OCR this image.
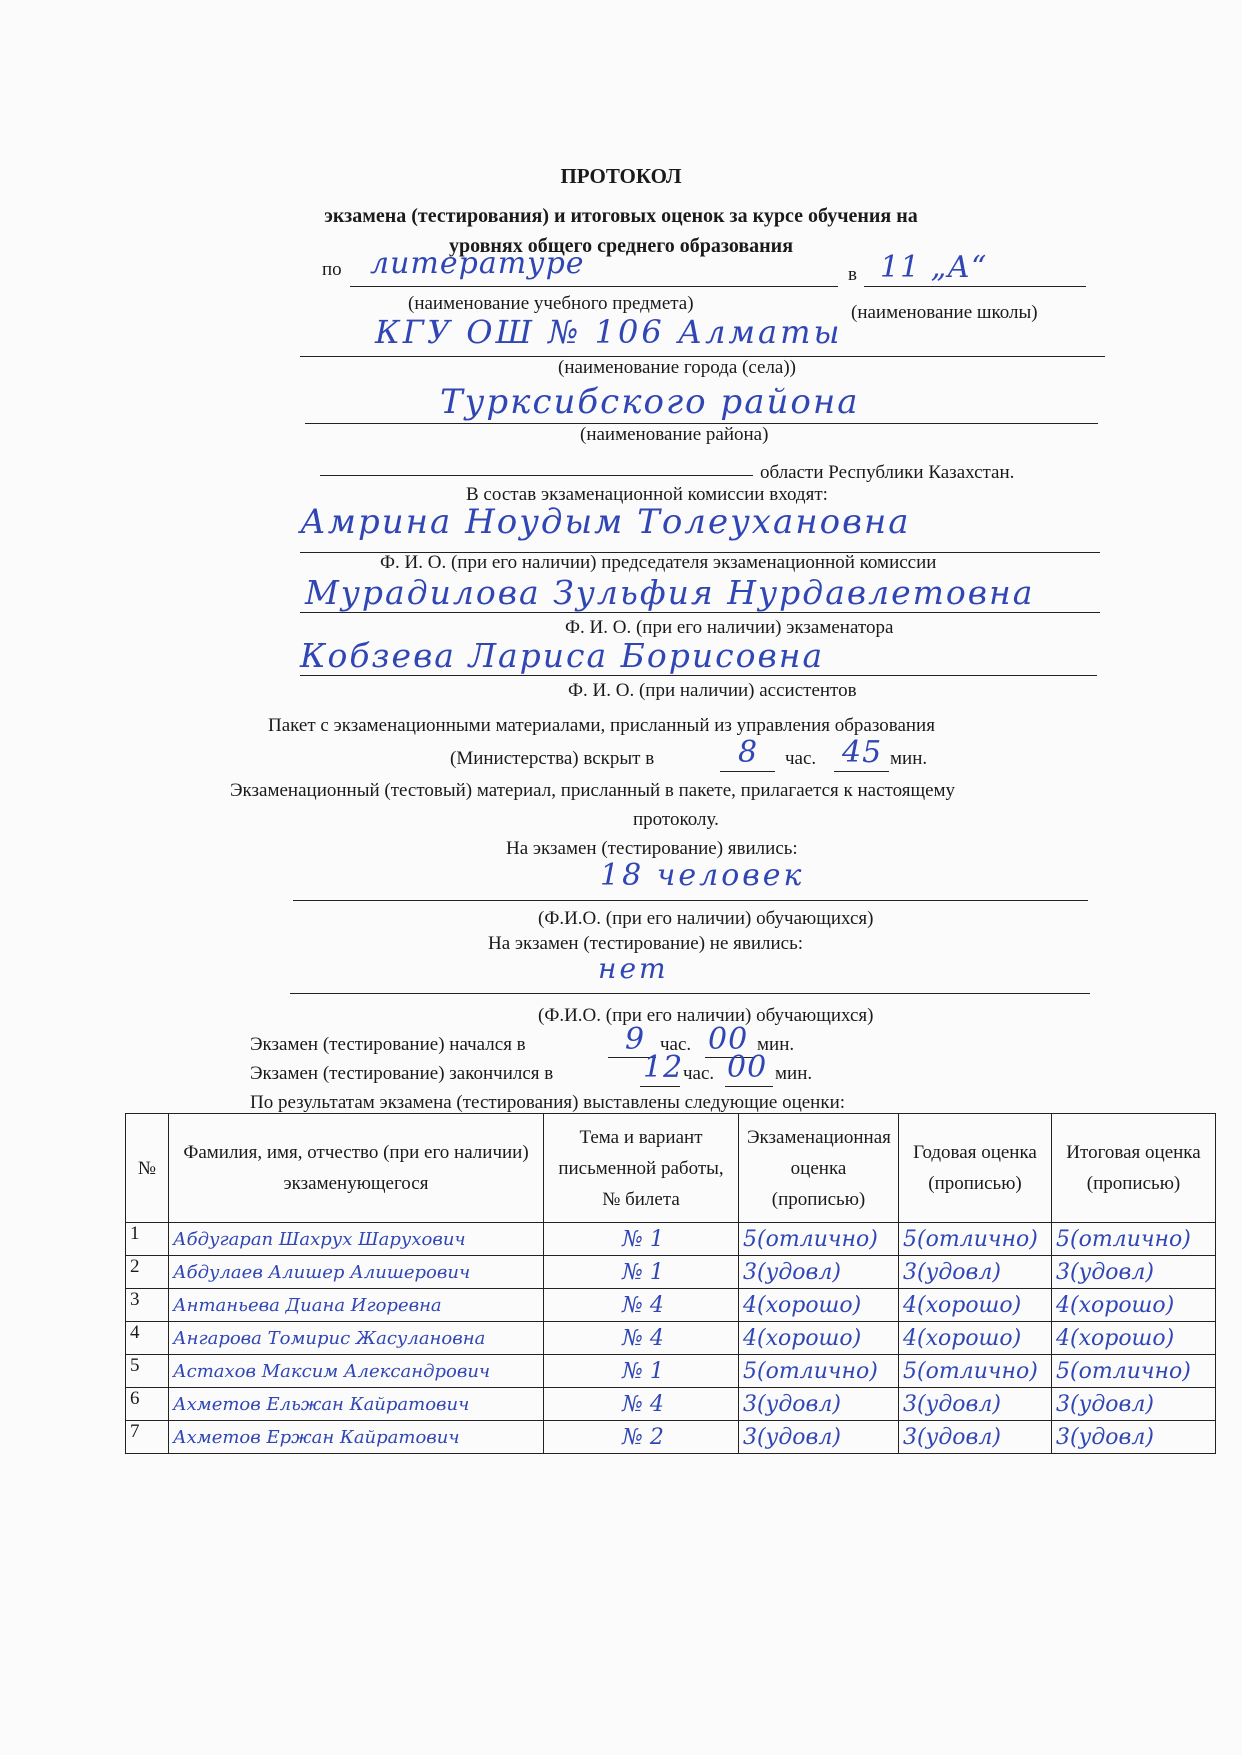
ПРОТОКОЛ
экзамена (тестирования) и итоговых оценок за курсе обучения на
уровнях общего среднего образования
по литературе	в 11 „А“
(наименование учебного предмета)	(наименование школы)
КГУ ОШ № 106 Алматы
(наименование города (села))
Турксибского района
(наименование района)
области Республики Казахстан.
В состав экзаменационной комиссии входят:
Амрина Ноудым Толеухановна
Ф. И. О. (при его наличии) председателя экзаменационной комиссии
Мурадилова Зульфия Нурдавлетовна
Ф. И. О. (при его наличии) экзаменатора
Кобзева Лариса Борисовна
Ф. И. О. (при наличии) ассистентов
Пакет с экзаменационными материалами, присланный из управления образования
(Министерства) вскрыт в	8 час. 45 мин.
Экзаменационный (тестовый) материал, присланный в пакете, прилагается к настоящему
протоколу.
На экзамен (тестирование) явились:
18 человек
(Ф.И.О. (при его наличии) обучающихся)
На экзамен (тестирование) не явились:
нет
(Ф.И.О. (при его наличии) обучающихся)
Экзамен (тестирование) начался в	9 час. 00 мин.
Экзамен (тестирование) закончился в	12 час. 00 мин.
По результатам экзамена (тестирования) выставлены следующие оценки:
№	Фамилия, имя, отчество (при его наличии) экзаменующегося	Тема и вариант письменной работы, № билета	Экзаменационная оценка (прописью)	Годовая оценка (прописью)	Итоговая оценка (прописью)
1	Абдугарап Шахрух Шарухович	№ 1	5(отлично)	5(отлично)	5(отлично)
2	Абдулаев Алишер Алишерович	№ 1	3(удовл)	3(удовл)	3(удовл)
3	Антаньева Диана Игоревна	№ 4	4(хорошо)	4(хорошо)	4(хорошо)
4	Ангарова Томирис Жасулановна	№ 4	4(хорошо)	4(хорошо)	4(хорошо)
5	Астахов Максим Александрович	№ 1	5(отлично)	5(отлично)	5(отлично)
6	Ахметов Ельжан Кайратович	№ 4	3(удовл)	3(удовл)	3(удовл)
7	Ахметов Ержан Кайратович	№ 2	3(удовл)	3(удовл)	3(удовл)
